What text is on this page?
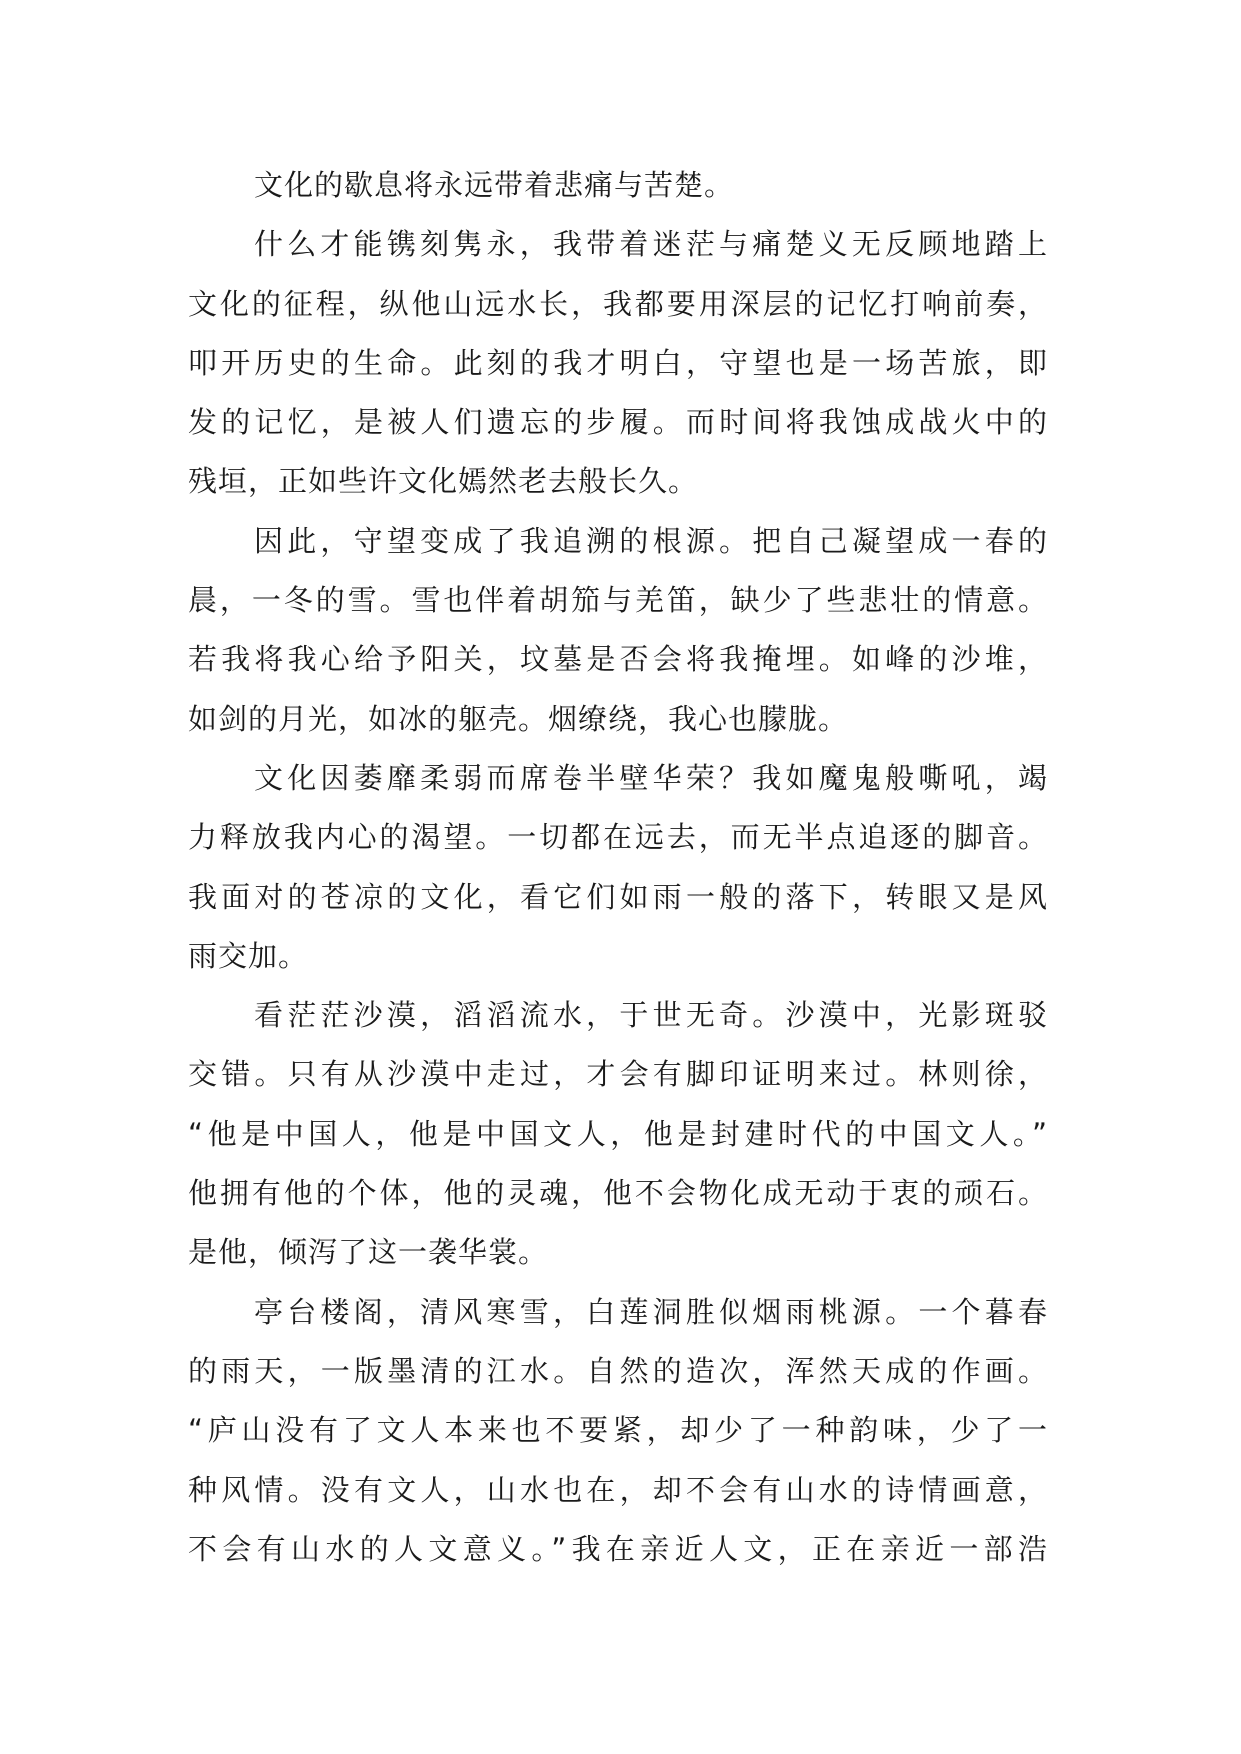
文化的歇息将永远带着悲痛与苦楚。
什么才能镌刻隽永，我带着迷茫与痛楚义无反顾地踏上
文化的征程，纵他山远水长，我都要用深层的记忆打响前奏，
叩开历史的生命。此刻的我才明白，守望也是一场苦旅，即
发的记忆，是被人们遗忘的步履。而时间将我蚀成战火中的
残垣，正如些许文化嫣然老去般长久。
因此，守望变成了我追溯的根源。把自己凝望成一春的
晨，一冬的雪。雪也伴着胡笳与羌笛，缺少了些悲壮的情意。
若我将我心给予阳关，坟墓是否会将我掩埋。如峰的沙堆，
如剑的月光，如冰的躯壳。烟缭绕，我心也朦胧。
文化因萎靡柔弱而席卷半壁华荣？我如魔鬼般嘶吼，竭
力释放我内心的渴望。一切都在远去，而无半点追逐的脚音。
我面对的苍凉的文化，看它们如雨一般的落下，转眼又是风
雨交加。
看茫茫沙漠，滔滔流水，于世无奇。沙漠中，光影斑驳
交错。只有从沙漠中走过，才会有脚印证明来过。林则徐，
“他是中国人，他是中国文人，他是封建时代的中国文人。”
他拥有他的个体，他的灵魂，他不会物化成无动于衷的顽石。
是他，倾泻了这一袭华裳。
亭台楼阁，清风寒雪，白莲洞胜似烟雨桃源。一个暮春
的雨天，一版墨清的江水。自然的造次，浑然天成的作画。
“庐山没有了文人本来也不要紧，却少了一种韵味，少了一
种风情。没有文人，山水也在，却不会有山水的诗情画意，
不会有山水的人文意义。”我在亲近人文，正在亲近一部浩
